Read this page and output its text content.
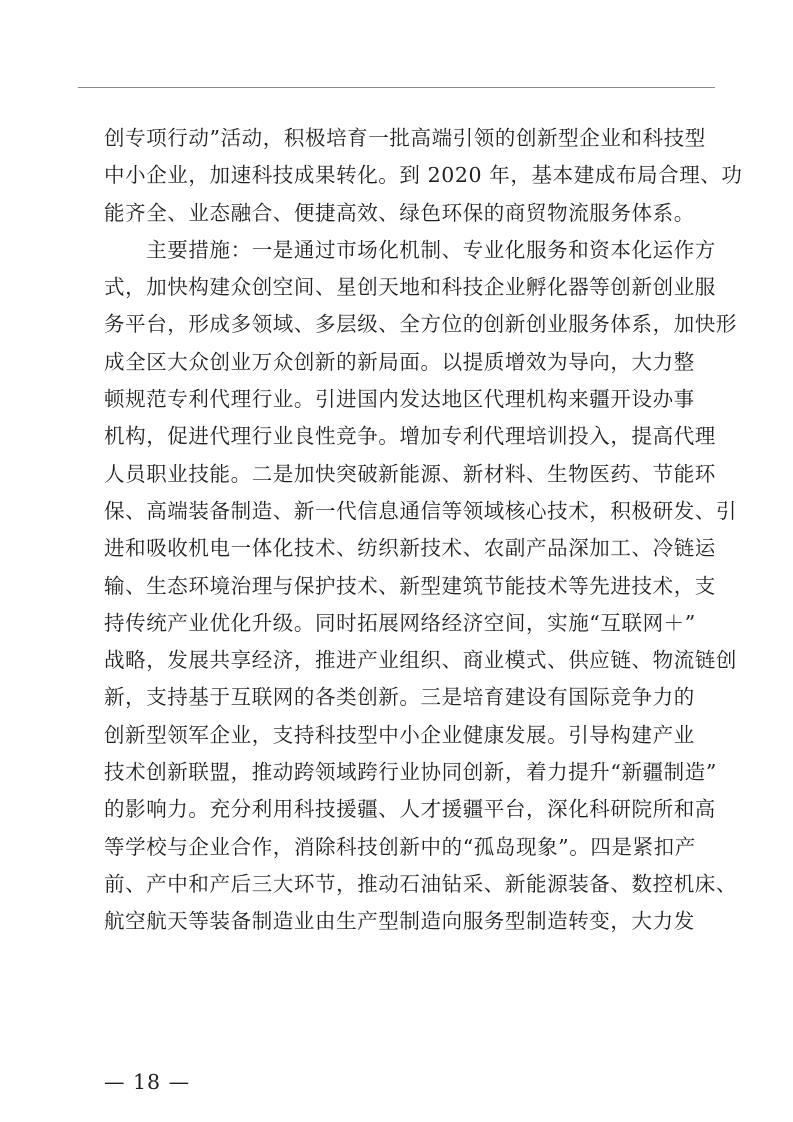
创专项行动”活动，积极培育一批高端引领的创新型企业和科技型
中小企业，加速科技成果转化。到 2020 年，基本建成布局合理、功
能齐全、业态融合、便捷高效、绿色环保的商贸物流服务体系。
　　主要措施：一是通过市场化机制、专业化服务和资本化运作方
式，加快构建众创空间、星创天地和科技企业孵化器等创新创业服
务平台，形成多领域、多层级、全方位的创新创业服务体系，加快形
成全区大众创业万众创新的新局面。以提质增效为导向，大力整
顿规范专利代理行业。引进国内发达地区代理机构来疆开设办事
机构，促进代理行业良性竞争。增加专利代理培训投入，提高代理
人员职业技能。二是加快突破新能源、新材料、生物医药、节能环
保、高端装备制造、新一代信息通信等领域核心技术，积极研发、引
进和吸收机电一体化技术、纺织新技术、农副产品深加工、冷链运
输、生态环境治理与保护技术、新型建筑节能技术等先进技术，支
持传统产业优化升级。同时拓展网络经济空间，实施“互联网＋”
战略，发展共享经济，推进产业组织、商业模式、供应链、物流链创
新，支持基于互联网的各类创新。三是培育建设有国际竞争力的
创新型领军企业，支持科技型中小企业健康发展。引导构建产业
技术创新联盟，推动跨领域跨行业协同创新，着力提升“新疆制造”
的影响力。充分利用科技援疆、人才援疆平台，深化科研院所和高
等学校与企业合作，消除科技创新中的“孤岛现象”。四是紧扣产
前、产中和产后三大环节，推动石油钻采、新能源装备、数控机床、
航空航天等装备制造业由生产型制造向服务型制造转变，大力发
— 18 —
